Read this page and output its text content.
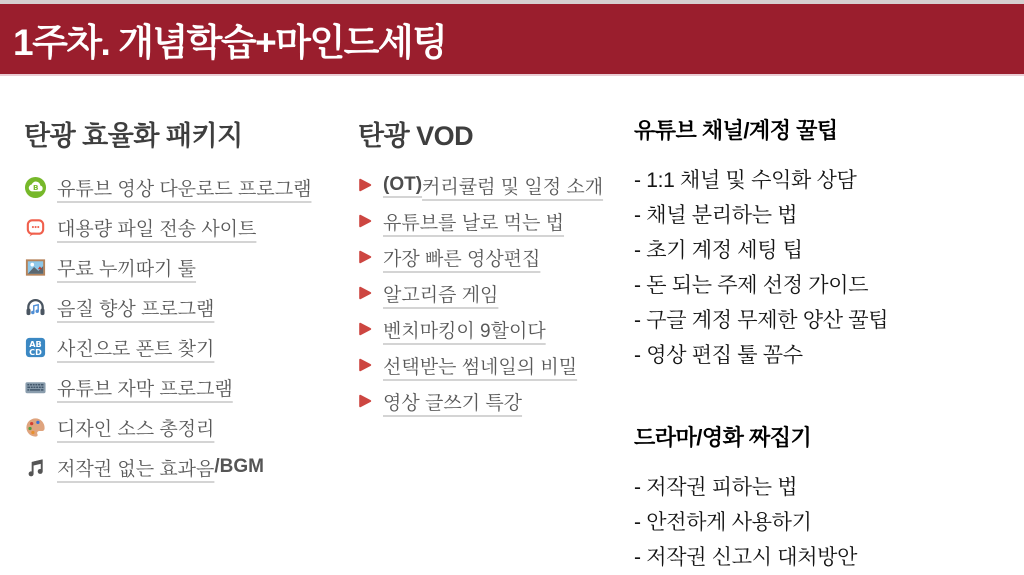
1주차. 개념학습+마인드세팅
탄광 효율화 패키지
B 유튜브 영상 다운로드 프로그램
대용량 파일 전송 사이트
무료 누끼따기 툴
음질 향상 프로그램
AB
CD 사진으로 폰트 찾기
유튜브 자막 프로그램
디자인 소스 총정리
저작권 없는 효과음 /BGM
탄광 VOD
(OT) 커리큘럼 및 일정 소개
유튜브를 날로 먹는 법
가장 빠른 영상편집
알고리즘 게임
벤치마킹이 9할이다
선택받는 썸네일의 비밀
영상 글쓰기 특강
유튜브 채널/계정 꿀팁

- 1:1 채널 및 수익화 상담

- 채널 분리하는 법

- 초기 계정 세팅 팁

- 돈 되는 주제 선정 가이드

- 구글 계정 무제한 양산 꿀팁

- 영상 편집 툴 꼼수

드라마/영화 짜집기

- 저작권 피하는 법

- 안전하게 사용하기

- 저작권 신고시 대처방안
